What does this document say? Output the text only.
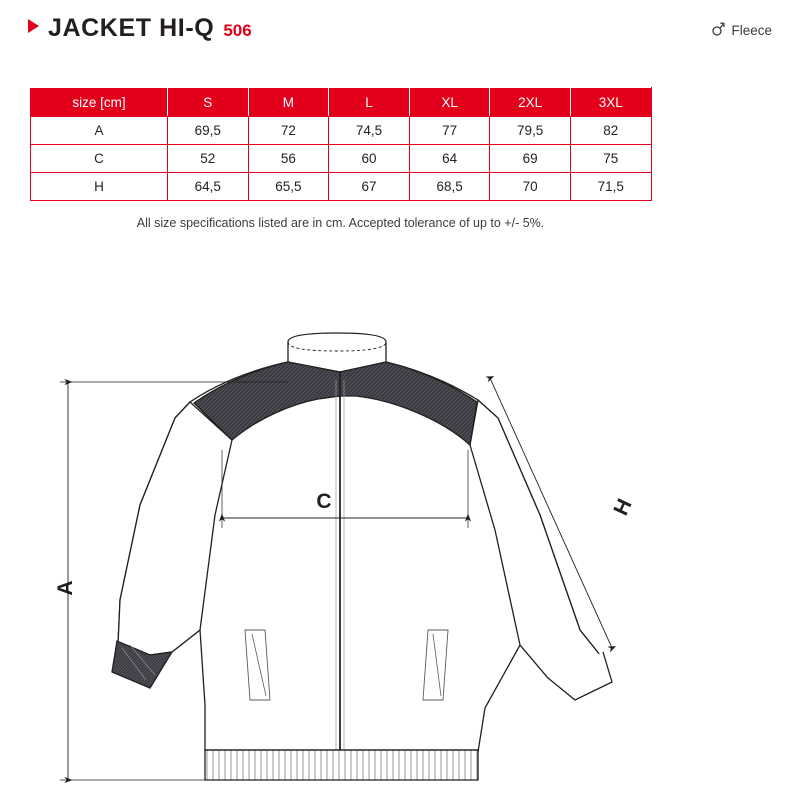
JACKET HI-Q 506	Fleece
size [cm]	S	M	L	XL	2XL	3XL
A	69,5	72	74,5	77	79,5	82
C	52	56	60	64	69	75
H	64,5	65,5	67	68,5	70	71,5
All size specifications listed are in cm. Accepted tolerance of up to +/- 5%.
A
C	H
